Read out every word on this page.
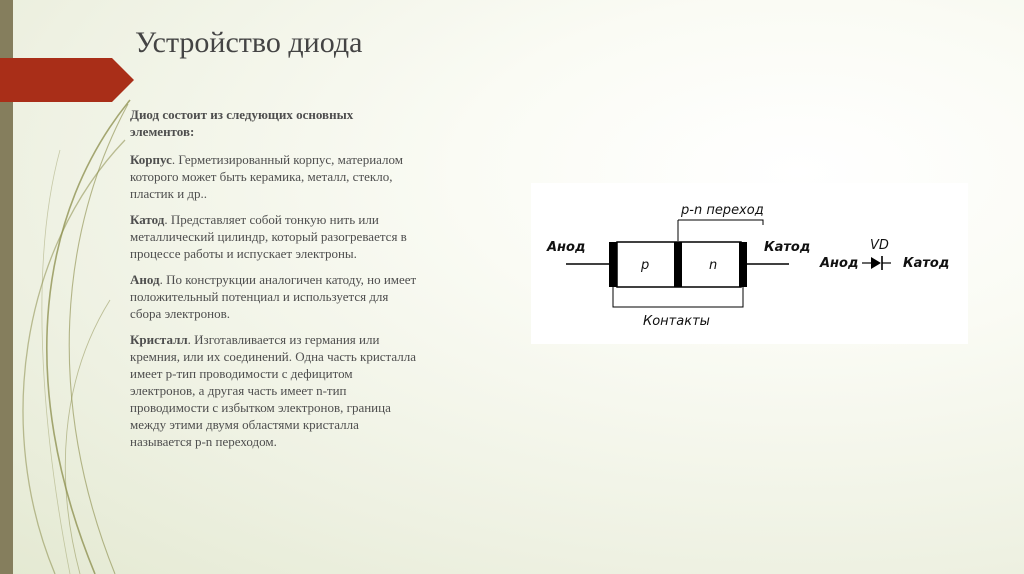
Устройство диода

Диод состоит из следующих основных элементов:

Корпус. Герметизированный корпус, материалом которого может быть керамика, металл, стекло, пластик и др..

Катод. Представляет собой тонкую нить или металлический цилиндр, который разогревается в процессе работы и испускает электроны.

Анод. По конструкции аналогичен катоду, но имеет положительный потенциал и используется для сбора электронов.

Кристалл. Изготавливается из германия или кремния, или их соединений. Одна часть кристалла имеет p-тип проводимости с дефицитом электронов, а другая часть имеет n-тип проводимости с избытком электронов, граница между этими двумя областями кристалла называется p-n переходом.

p-n переход
Анод
p	n
Катод
Контакты
Анод
VD
Катод
